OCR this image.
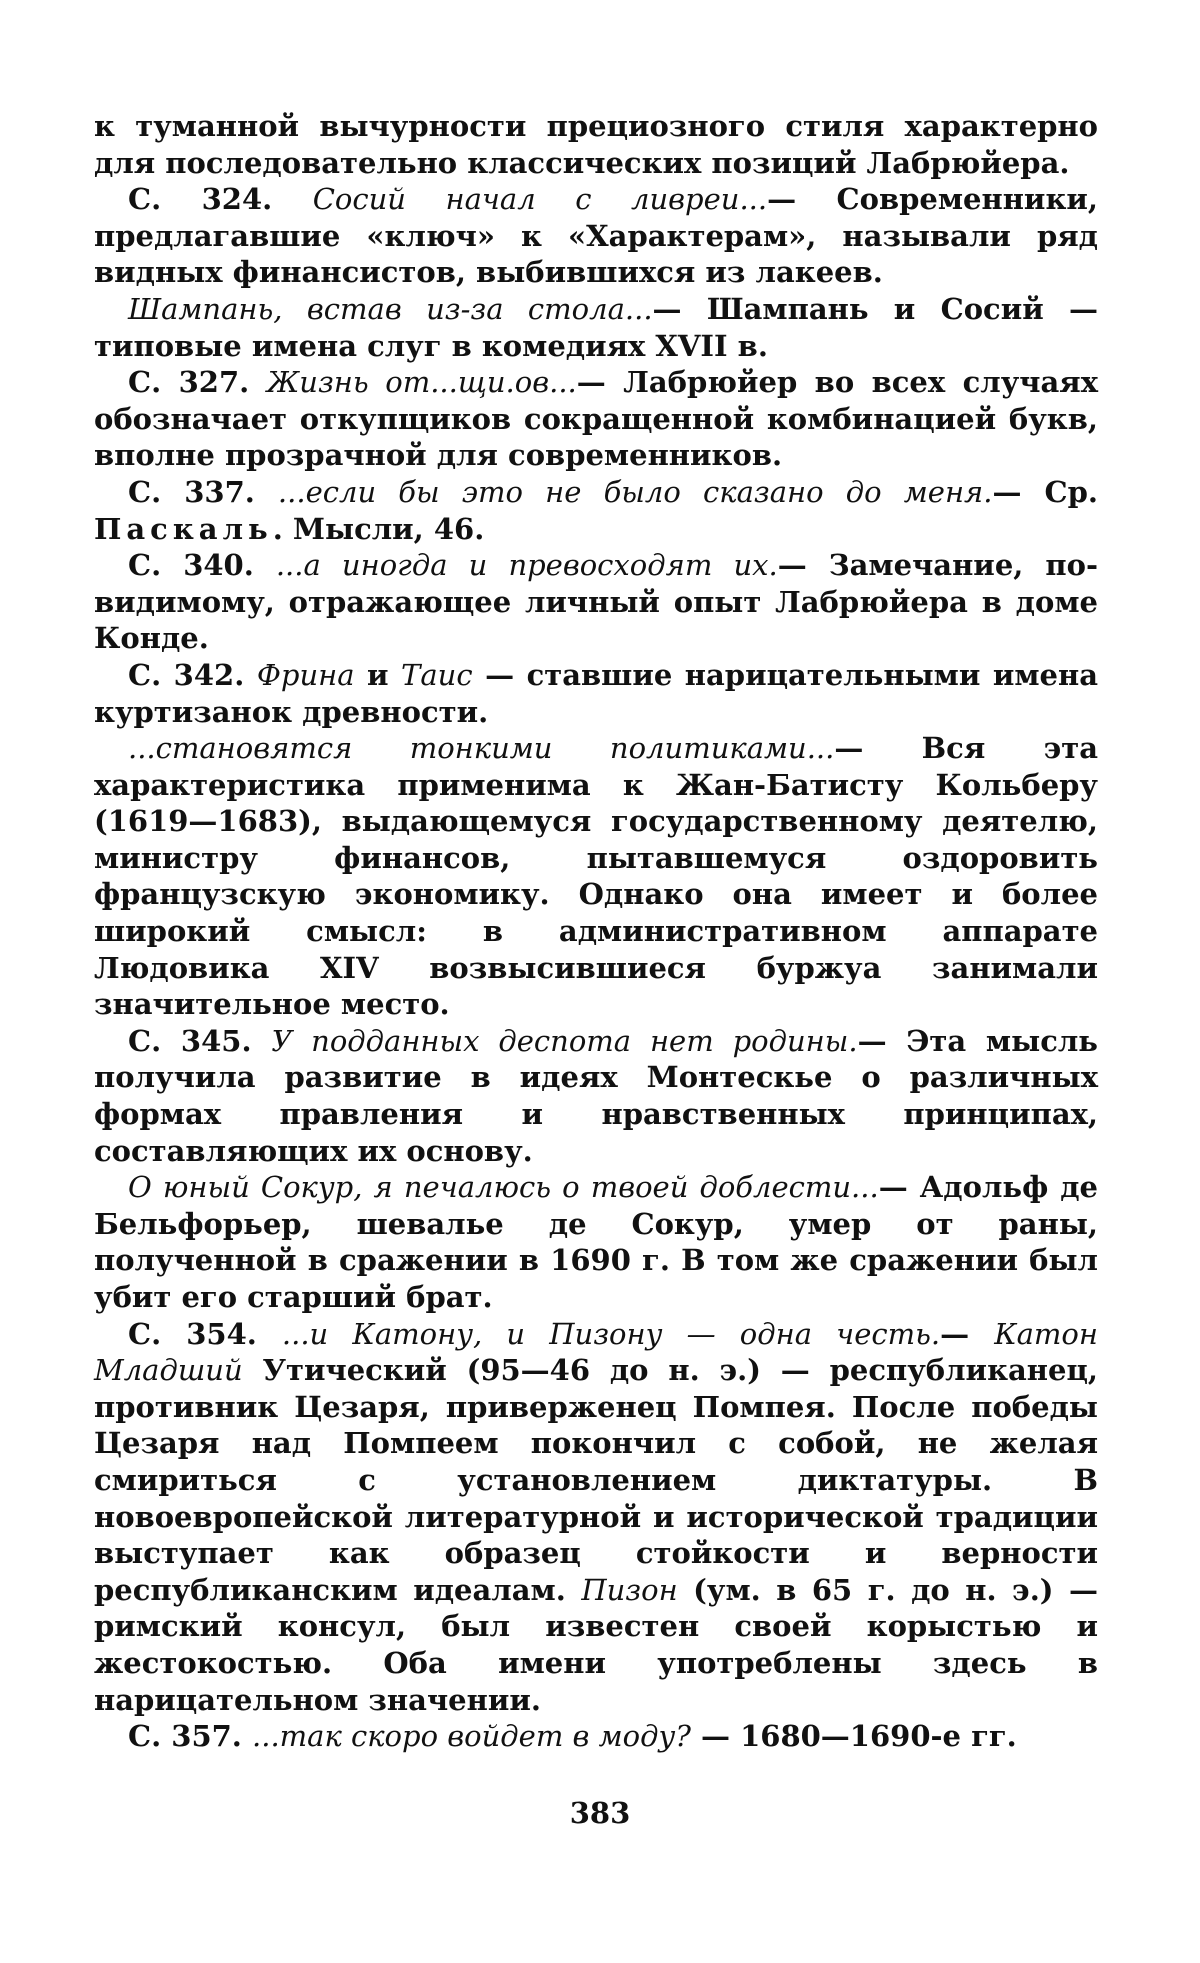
к туманной вычурности прециозного стиля характерно для последовательно классических позиций Лабрюйера.

С. 324. Сосий начал с ливреи...— Современники, предлагавшие «ключ» к «Характерам», называли ряд видных финансистов, выбившихся из лакеев.

Шампань, встав из-за стола...— Шампань и Сосий — типовые имена слуг в комедиях XVII в.

С. 327. Жизнь от...щи.ов...— Лабрюйер во всех случаях обозначает откупщиков сокращенной комбинацией букв, вполне прозрачной для современников.

С. 337. ...если бы это не было сказано до меня.— Ср. Паскаль. Мысли, 46.

С. 340. ...а иногда и превосходят их.— Замечание, по-видимому, отражающее личный опыт Лабрюйера в доме Конде.

С. 342. Фрина и Таис — ставшие нарицательными имена куртизанок древности.

...становятся тонкими политиками...— Вся эта характеристика применима к Жан-Батисту Кольберу (1619—1683), выдающемуся государственному деятелю, министру финансов, пытавшемуся оздоровить французскую экономику. Однако она имеет и более широкий смысл: в административном аппарате Людовика XIV возвысившиеся буржуа занимали значительное место.

С. 345. У подданных деспота нет родины.— Эта мысль получила развитие в идеях Монтескье о различных формах правления и нравственных принципах, составляющих их основу.

О юный Сокур, я печалюсь о твоей доблести...— Адольф де Бельфорьер, шевалье де Сокур, умер от раны, полученной в сражении в 1690 г. В том же сражении был убит его старший брат.

С. 354. ...и Катону, и Пизону — одна честь.— Катон Младший Утический (95—46 до н. э.) — республиканец, противник Цезаря, приверженец Помпея. После победы Цезаря над Помпеем покончил с собой, не желая смириться с установлением диктатуры. В новоевропейской литературной и исторической традиции выступает как образец стойкости и верности республиканским идеалам. Пизон (ум. в 65 г. до н. э.) — римский консул, был известен своей корыстью и жестокостью. Оба имени употреблены здесь в нарицательном значении.

С. 357. ...так скоро войдет в моду? — 1680—1690-е гг.

383
